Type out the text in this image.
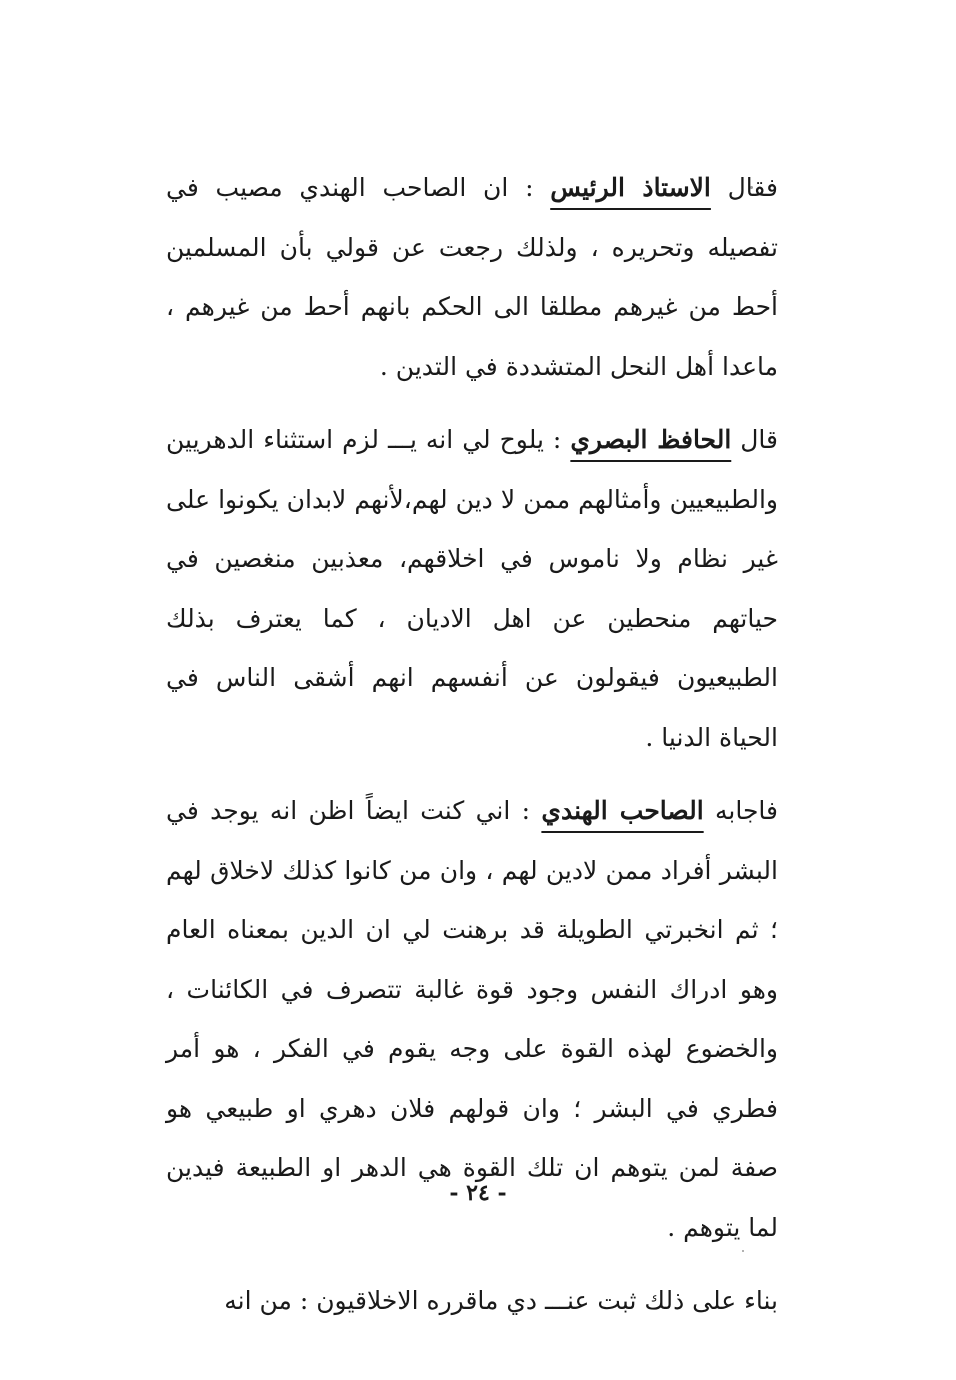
فقال الاستاذ الرئيس : ان الصاحب الهندي مصيب في تفصيله وتحريره ، ولذلك رجعت عن قولي بأن المسلمين أحط من غيرهم مطلقا الى الحكم بانهم أحط من غيرهم ، ماعدا أهل النحل المتشددة في التدين .

قال الحافظ البصري : يلوح لي انه يـــ لزم استثناء الدهريين والطبيعيين وأمثالهم ممن لا دين لهم،لأنهم لابدان يكونوا على غير نظام ولا ناموس في اخلاقهم، معذبين منغصين في حياتهم منحطين عن اهل الاديان ، كما يعترف بذلك الطبيعيون فيقولون عن أنفسهم انهم أشقى الناس في الحياة الدنيا .

فاجابه الصاحب الهندي : اني كنت ايضاً اظن انه يوجد في البشر أفراد ممن لادين لهم ، وان من كانوا كذلك لاخلاق لهم ؛ ثم انخبرتي الطويلة قد برهنت لي ان الدين بمعناه العام وهو ادراك النفس وجود قوة غالبة تتصرف في الكائنات ، والخضوع لهذه القوة على وجه يقوم في الفكر ، هو أمر فطري في البشر ؛ وان قولهم فلان دهري او طبيعي هو صفة لمن يتوهم ان تلك القوة هي الدهر او الطبيعة فيدين لما يتوهم .

بناء على ذلك ثبت عنـــ دي ماقرره الاخلاقيون : من انه

- ٢٤ -
